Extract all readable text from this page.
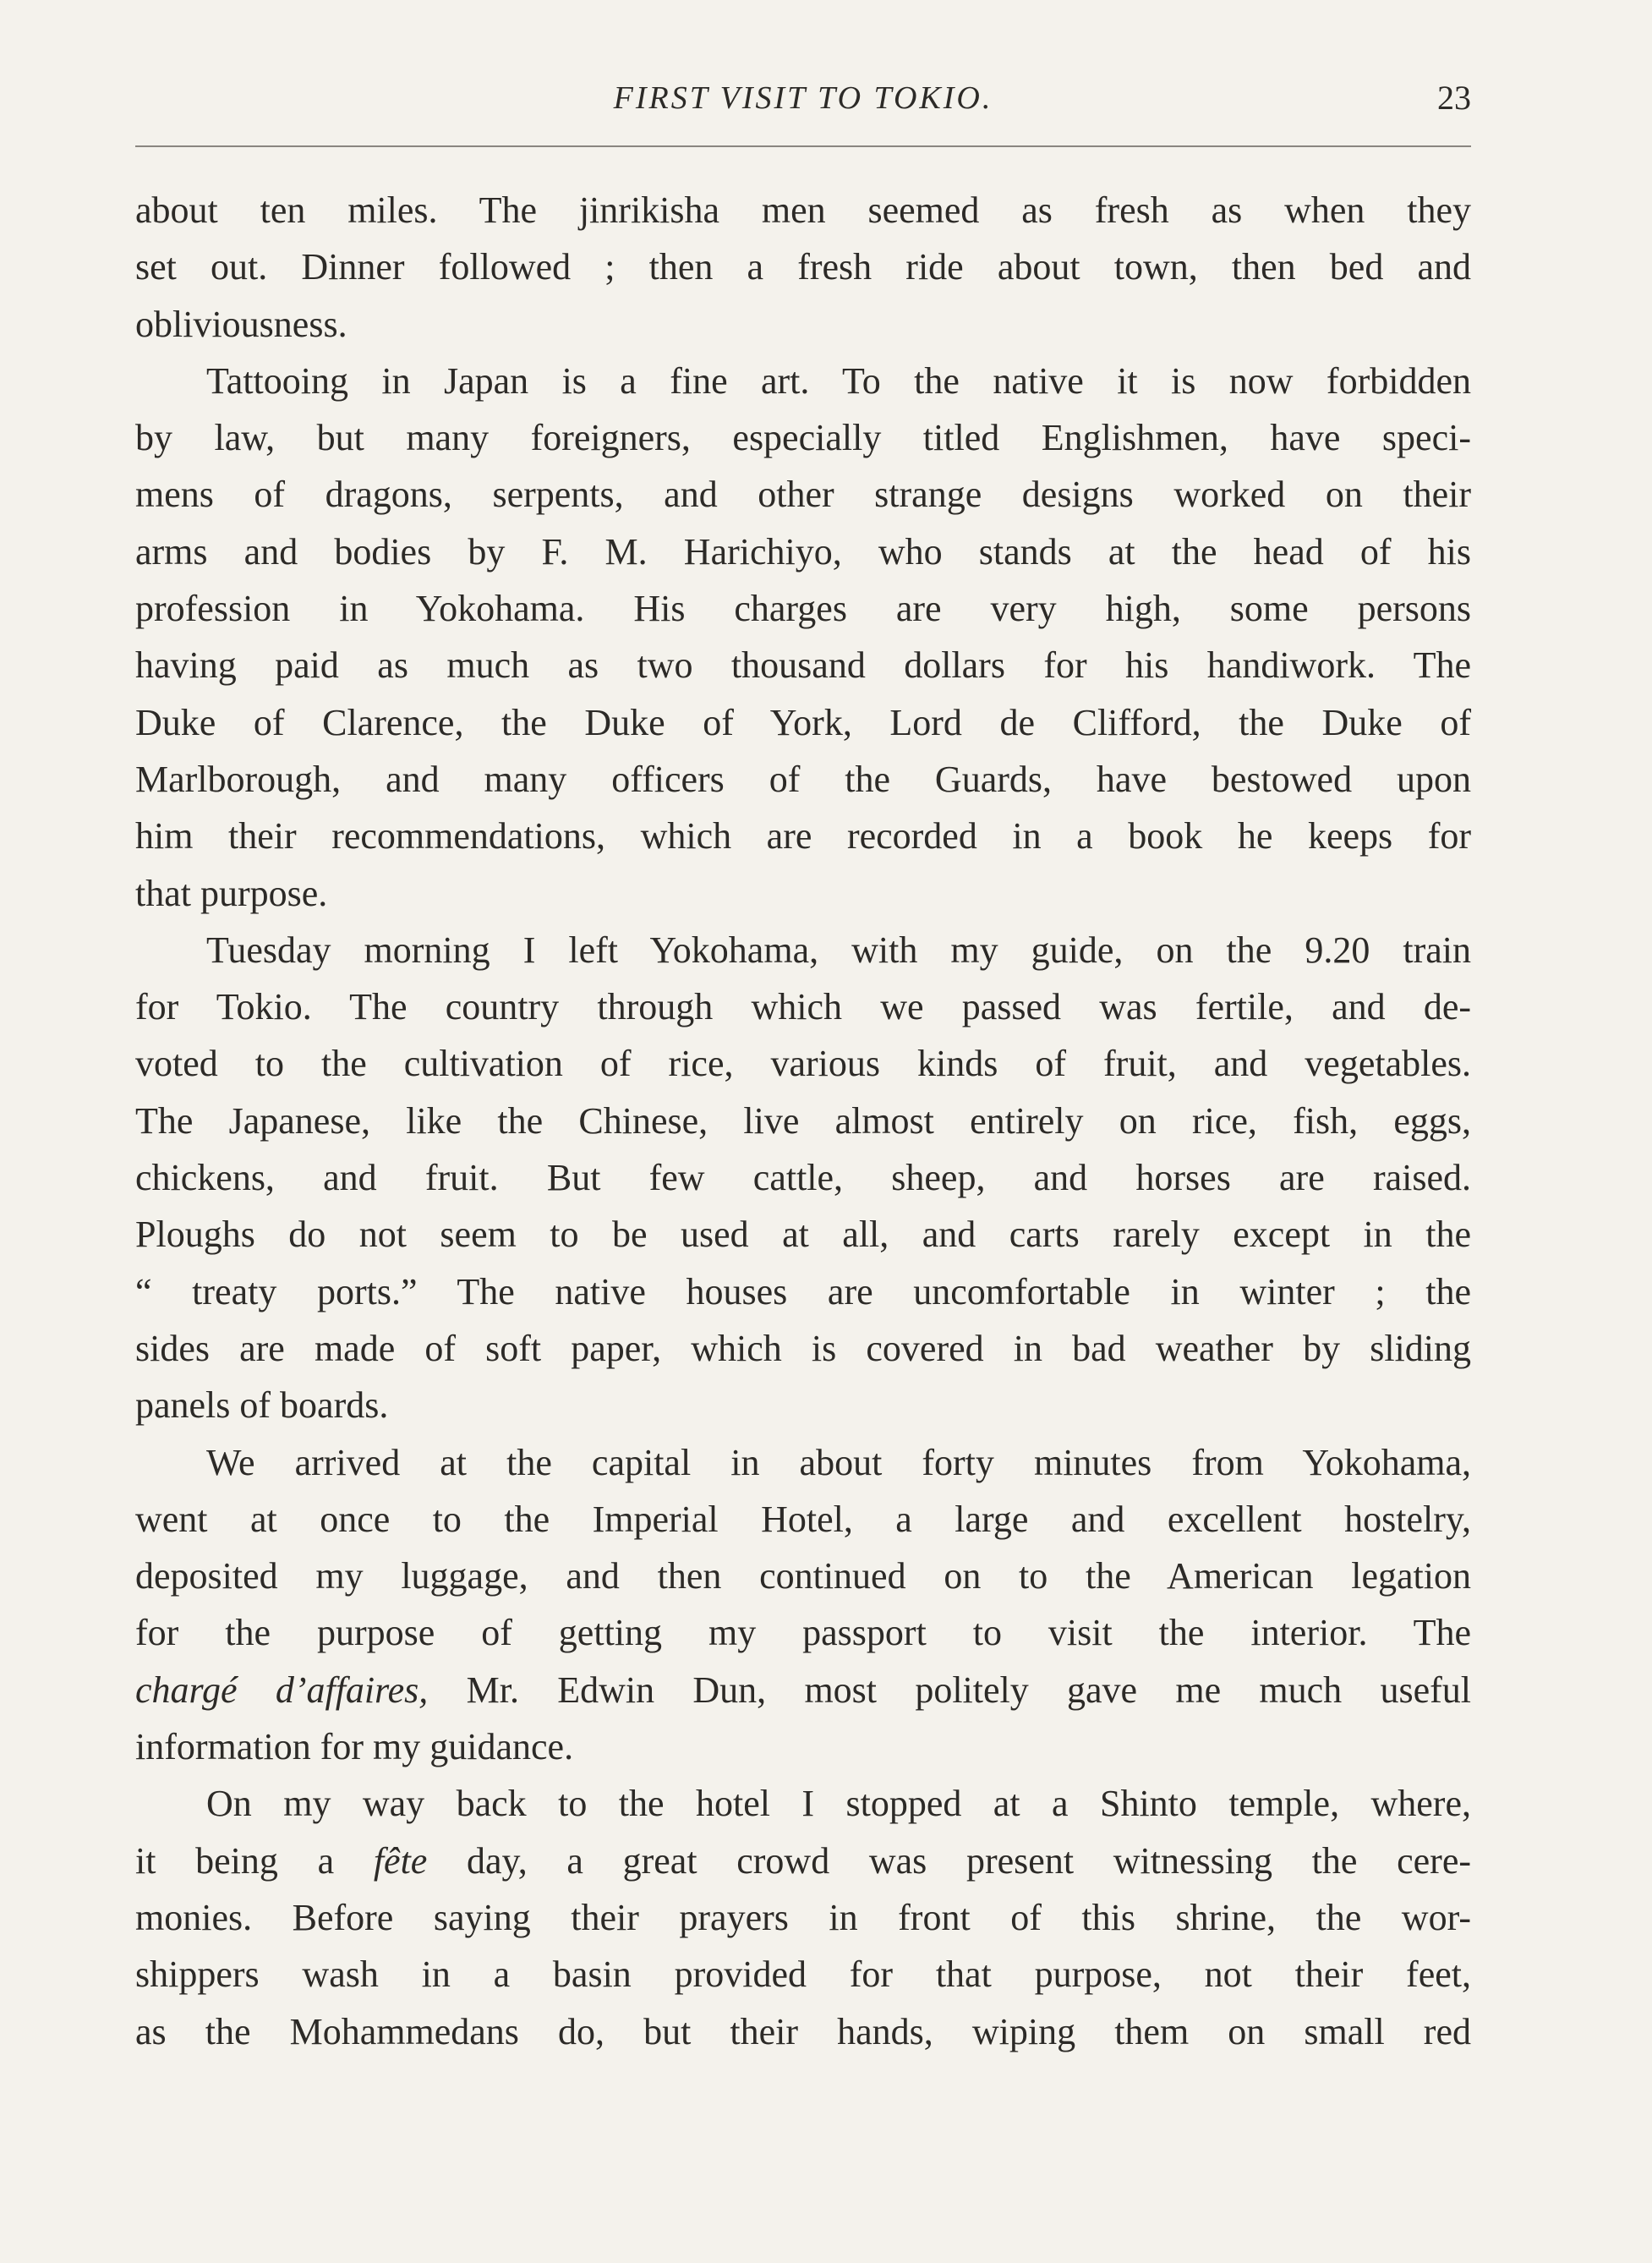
FIRST VISIT TO TOKIO.	23
about ten miles. The jinrikisha men seemed as fresh as when they
set out. Dinner followed ; then a fresh ride about town, then bed and
obliviousness.
Tattooing in Japan is a fine art. To the native it is now forbidden
by law, but many foreigners, especially titled Englishmen, have speci-
mens of dragons, serpents, and other strange designs worked on their
arms and bodies by F. M. Harichiyo, who stands at the head of his
profession in Yokohama. His charges are very high, some persons
having paid as much as two thousand dollars for his handiwork. The
Duke of Clarence, the Duke of York, Lord de Clifford, the Duke of
Marlborough, and many officers of the Guards, have bestowed upon
him their recommendations, which are recorded in a book he keeps for
that purpose.
Tuesday morning I left Yokohama, with my guide, on the 9.20 train
for Tokio. The country through which we passed was fertile, and de-
voted to the cultivation of rice, various kinds of fruit, and vegetables.
The Japanese, like the Chinese, live almost entirely on rice, fish, eggs,
chickens, and fruit. But few cattle, sheep, and horses are raised.
Ploughs do not seem to be used at all, and carts rarely except in the
“ treaty ports.” The native houses are uncomfortable in winter ; the
sides are made of soft paper, which is covered in bad weather by sliding
panels of boards.
We arrived at the capital in about forty minutes from Yokohama,
went at once to the Imperial Hotel, a large and excellent hostelry,
deposited my luggage, and then continued on to the American legation
for the purpose of getting my passport to visit the interior. The
chargé d’affaires, Mr. Edwin Dun, most politely gave me much useful
information for my guidance.
On my way back to the hotel I stopped at a Shinto temple, where,
it being a fête day, a great crowd was present witnessing the cere-
monies. Before saying their prayers in front of this shrine, the wor-
shippers wash in a basin provided for that purpose, not their feet,
as the Mohammedans do, but their hands, wiping them on small red
